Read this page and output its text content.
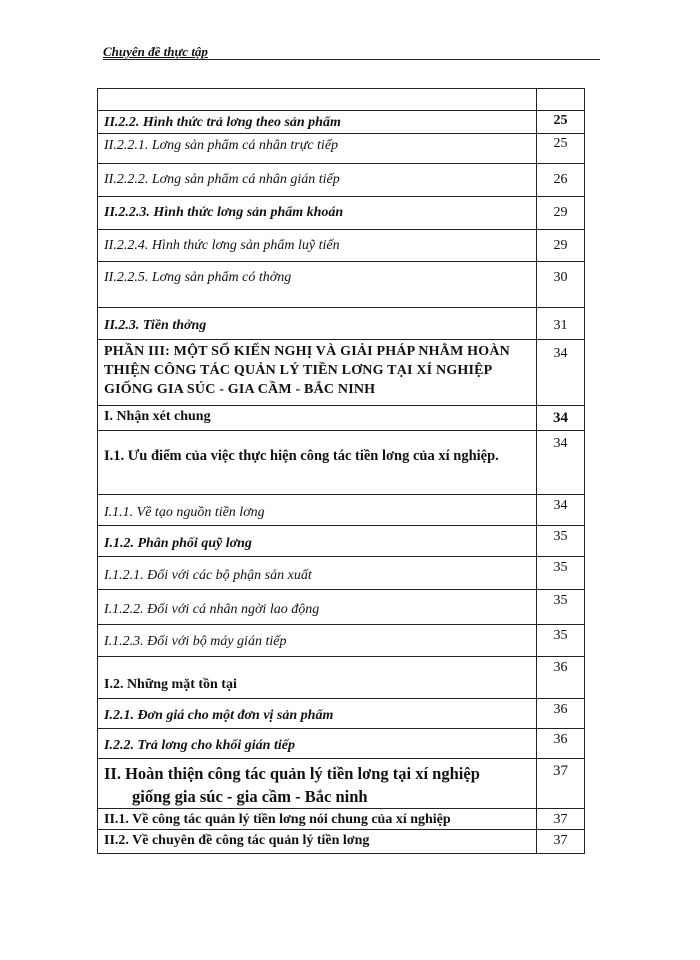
Chuyên đề thực tập

II.2.2. Hình thức trả lơng theo sản phẩm	25
II.2.2.1. Lơng sản phẩm cá nhân trực tiếp	25
II.2.2.2. Lơng sản phẩm cá nhân gián tiếp	26
II.2.2.3. Hình thức lơng sản phẩm khoán	29
II.2.2.4. Hình thức lơng sản phẩm luỹ tiến	29
II.2.2.5. Lơng sản phẩm có thởng	30
II.2.3. Tiền thởng	31
PHẦN III: MỘT SỐ KIẾN NGHỊ VÀ GIẢI PHÁP NHẰM HOÀN THIỆN CÔNG TÁC QUẢN LÝ TIỀN LƠNG TẠI XÍ NGHIỆP GIỐNG GIA SÚC - GIA CẦM - BẮC NINH	34
I. Nhận xét chung	34
I.1. Ưu điểm của việc thực hiện công tác tiền lơng của xí nghiệp.	34
I.1.1. Về tạo nguồn tiền lơng	34
I.1.2. Phân phối quỹ lơng	35
I.1.2.1. Đối với các bộ phận sản xuất	35
I.1.2.2. Đối với cá nhân ngời lao động	35
I.1.2.3. Đối với bộ máy gián tiếp	35
I.2. Những mặt tồn tại	36
I.2.1. Đơn giá cho một đơn vị sản phẩm	36
I.2.2. Trả lơng cho khối gián tiếp	36

II. Hoàn thiện công tác quản lý tiền lơng tại xí nghiệp
giống gia súc - gia cầm - Bắc ninh	37
II.1. Về công tác quản lý tiền lơng nói chung của xí nghiệp	37
II.2. Về chuyên đề công tác quản lý tiền lơng	37
